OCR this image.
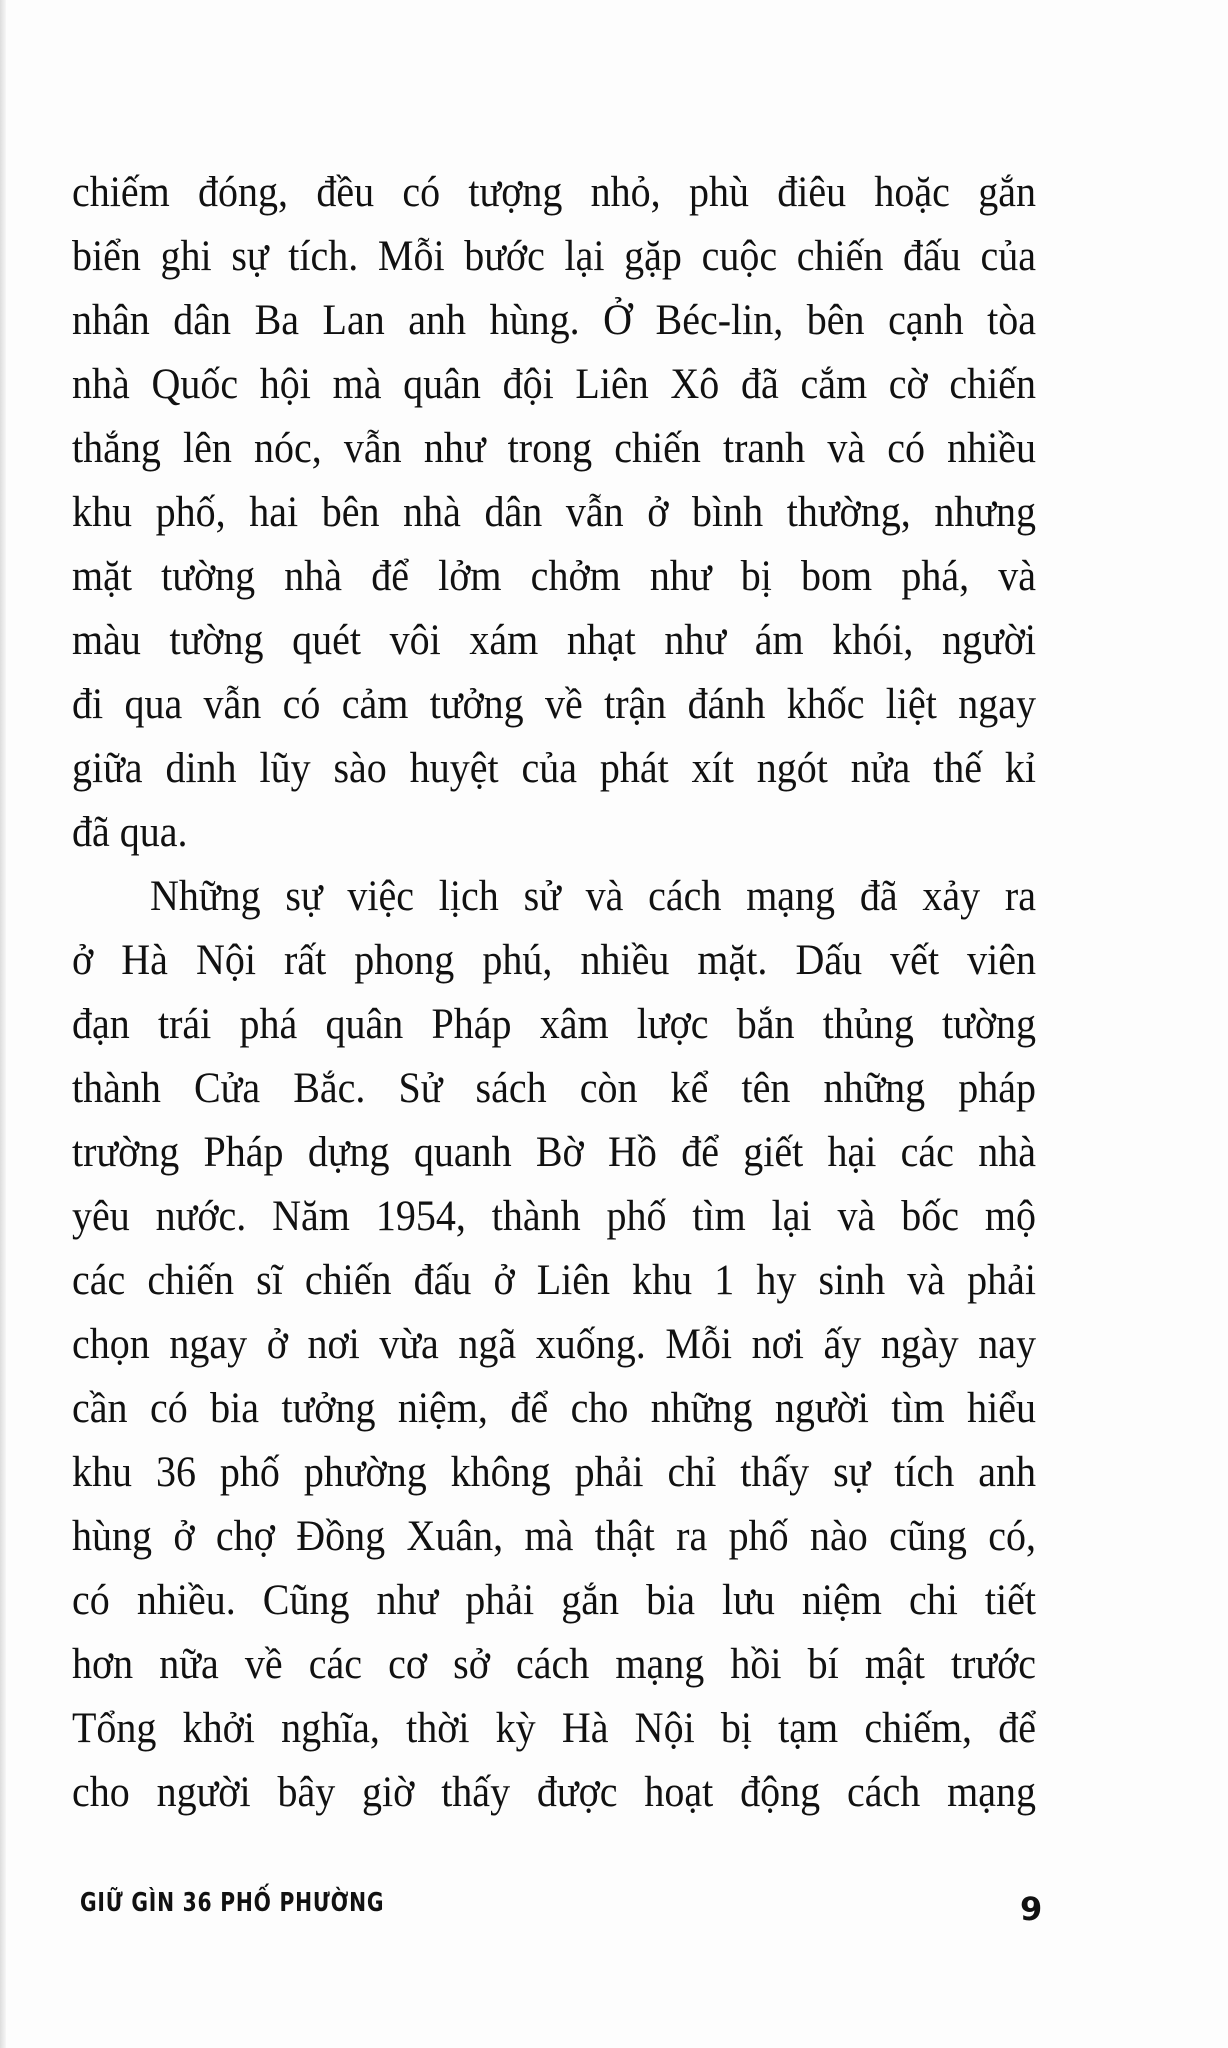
chiếm đóng, đều có tượng nhỏ, phù điêu hoặc gắn
biển ghi sự tích. Mỗi bước lại gặp cuộc chiến đấu của
nhân dân Ba Lan anh hùng. Ở Béc-lin, bên cạnh tòa
nhà Quốc hội mà quân đội Liên Xô đã cắm cờ chiến
thắng lên nóc, vẫn như trong chiến tranh và có nhiều
khu phố, hai bên nhà dân vẫn ở bình thường, nhưng
mặt tường nhà để lởm chởm như bị bom phá, và
màu tường quét vôi xám nhạt như ám khói, người
đi qua vẫn có cảm tưởng về trận đánh khốc liệt ngay
giữa dinh lũy sào huyệt của phát xít ngót nửa thế kỉ
đã qua.
Những sự việc lịch sử và cách mạng đã xảy ra
ở Hà Nội rất phong phú, nhiều mặt. Dấu vết viên
đạn trái phá quân Pháp xâm lược bắn thủng tường
thành Cửa Bắc. Sử sách còn kể tên những pháp
trường Pháp dựng quanh Bờ Hồ để giết hại các nhà
yêu nước. Năm 1954, thành phố tìm lại và bốc mộ
các chiến sĩ chiến đấu ở Liên khu 1 hy sinh và phải
chọn ngay ở nơi vừa ngã xuống. Mỗi nơi ấy ngày nay
cần có bia tưởng niệm, để cho những người tìm hiểu
khu 36 phố phường không phải chỉ thấy sự tích anh
hùng ở chợ Đồng Xuân, mà thật ra phố nào cũng có,
có nhiều. Cũng như phải gắn bia lưu niệm chi tiết
hơn nữa về các cơ sở cách mạng hồi bí mật trước
Tổng khởi nghĩa, thời kỳ Hà Nội bị tạm chiếm, để
cho người bây giờ thấy được hoạt động cách mạng
GIỮ GÌN 36 PHỐ PHƯỜNG	9
